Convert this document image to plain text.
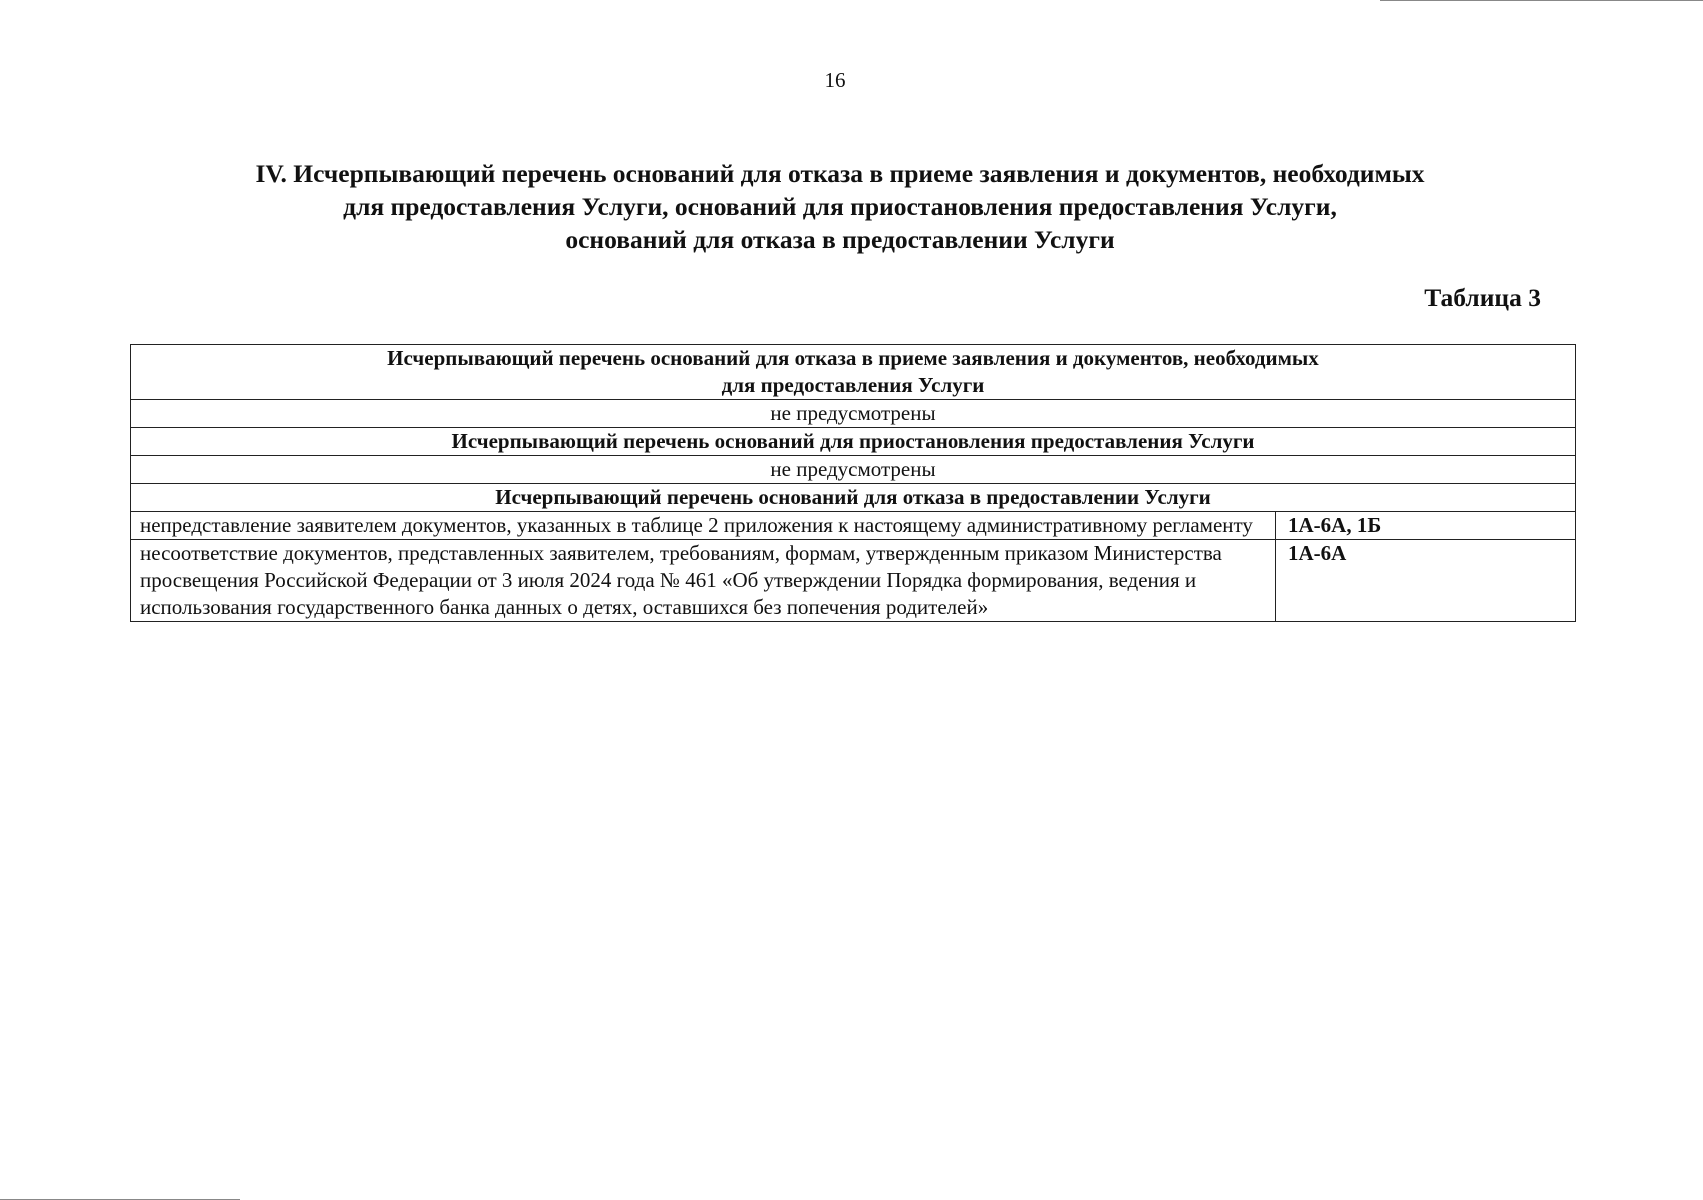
16
IV. Исчерпывающий перечень оснований для отказа в приеме заявления и документов, необходимых
для предоставления Услуги, оснований для приостановления предоставления Услуги,
оснований для отказа в предоставлении Услуги
Таблица 3
Исчерпывающий перечень оснований для отказа в приеме заявления и документов, необходимых
для предоставления Услуги	
не предусмотрены	
Исчерпывающий перечень оснований для приостановления предоставления Услуги	
не предусмотрены	
Исчерпывающий перечень оснований для отказа в предоставлении Услуги	
непредставление заявителем документов, указанных в таблице 2 приложения к настоящему административному регламенту	1А-6А, 1Б
несоответствие документов, представленных заявителем, требованиям, формам, утвержденным приказом Министерства просвещения Российской Федерации от 3 июля 2024 года № 461 «Об утверждении Порядка формирования, ведения и использования государственного банка данных о детях, оставшихся без попечения родителей»	1А-6А
